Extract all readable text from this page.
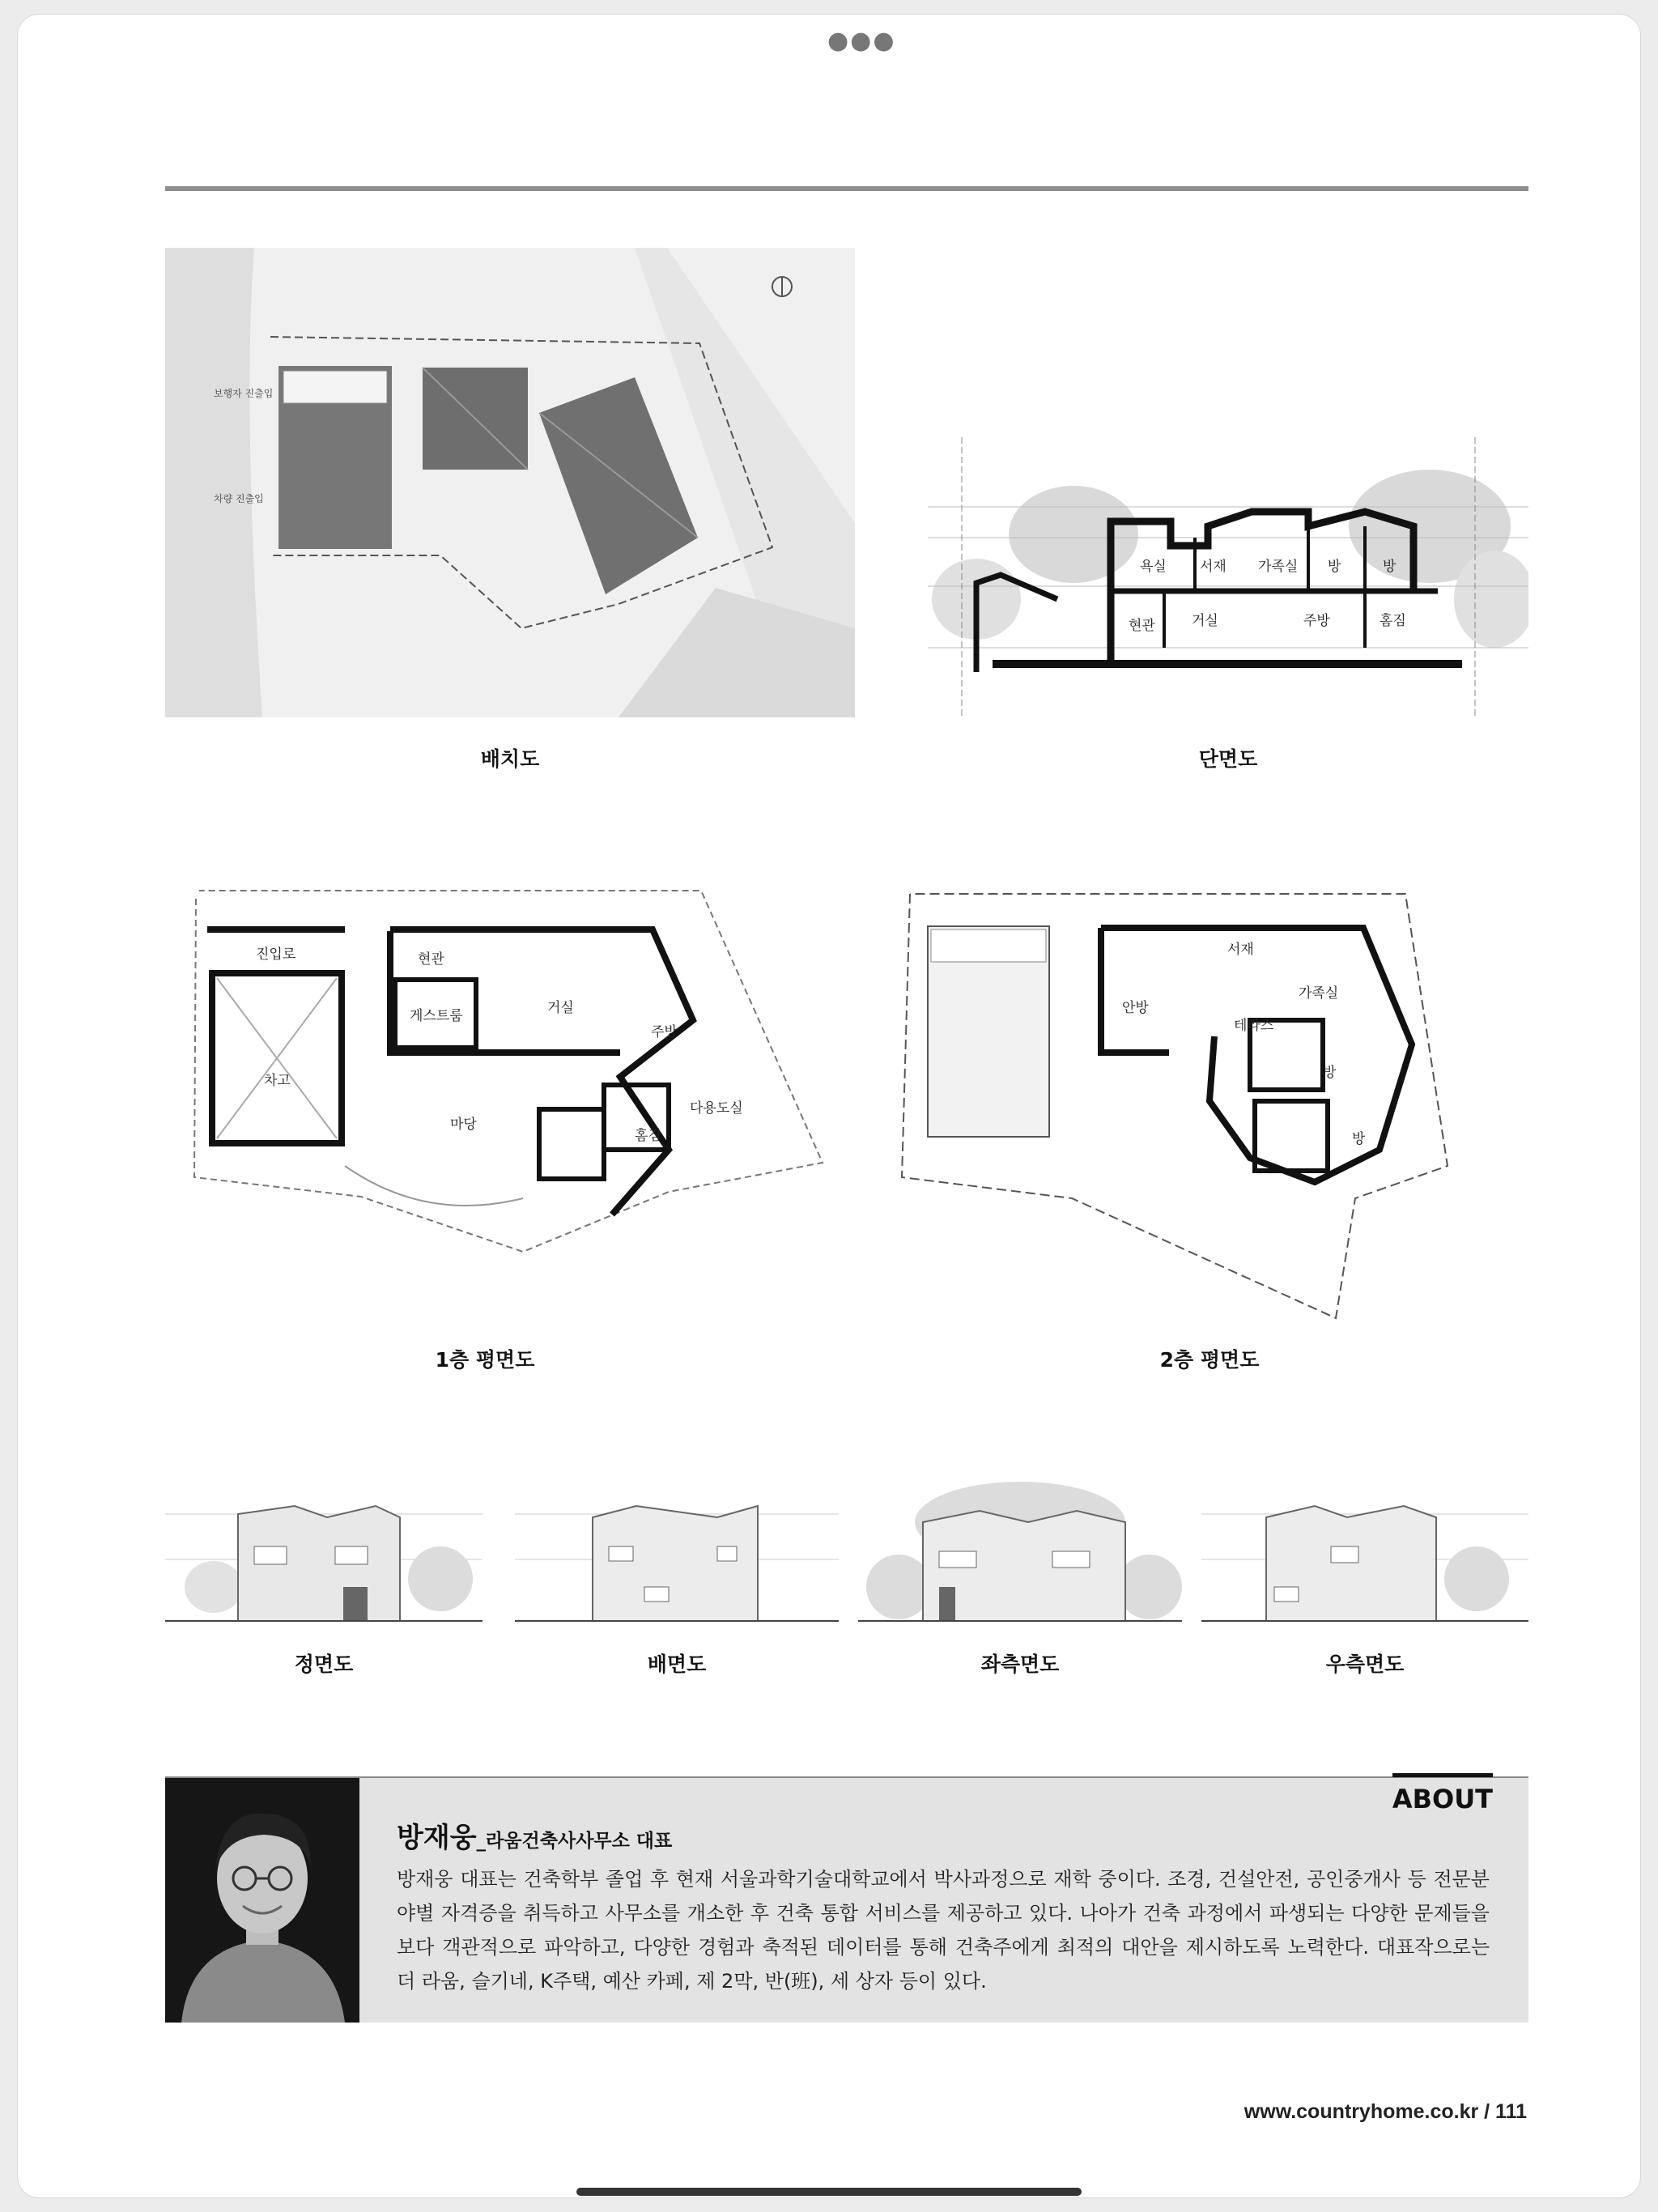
●●●
보행자 진출입
차량 진출입
배치도
욕실 서재 가족실 방	방
현관	거실	주방	홈짐
단면도
진입로	현관
게스트룸	거실
주방
차고
마당
다용도실
홈짐
1층 평면도
서재
가족실
안방
테라스
방
방
2층 평면도
정면도	배면도	좌측면도	우측면도
ABOUT
방재웅_라움건축사사무소 대표
방재웅 대표는 건축학부 졸업 후 현재 서울과학기술대학교에서 박사과정으로 재학 중이다. 조경, 건설안전, 공인중개사 등 전문분야별 자격증을 취득하고 사무소를 개소한 후 건축 통합 서비스를 제공하고 있다. 나아가 건축 과정에서 파생되는 다양한 문제들을 보다 객관적으로 파악하고, 다양한 경험과 축적된 데이터를 통해 건축주에게 최적의 대안을 제시하도록 노력한다. 대표작으로는 더 라움, 슬기네, K주택, 예산 카페, 제 2막, 반(班), 세 상자 등이 있다.
www.countryhome.co.kr / 111
